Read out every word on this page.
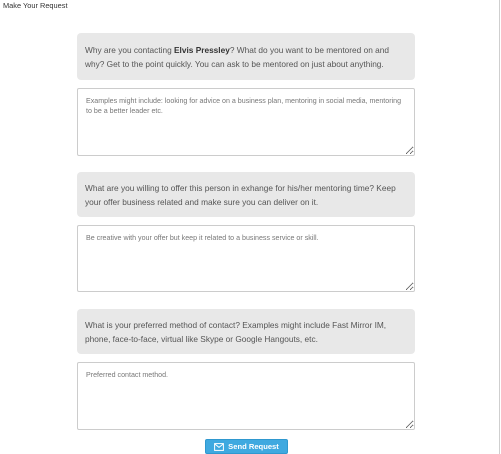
Make Your Request

Why are you contacting Elvis Pressley? What do you want to be mentored on and why? Get to the point quickly. You can ask to be mentored on just about anything.

Examples might include: looking for advice on a business plan, mentoring in social media, mentoring to be a better leader etc.

What are you willing to offer this person in exhange for his/her mentoring time? Keep your offer business related and make sure you can deliver on it.

Be creative with your offer but keep it related to a business service or skill.

What is your preferred method of contact? Examples might include Fast Mirror IM, phone, face-to-face, virtual like Skype or Google Hangouts, etc.

Preferred contact method.
Send Request
